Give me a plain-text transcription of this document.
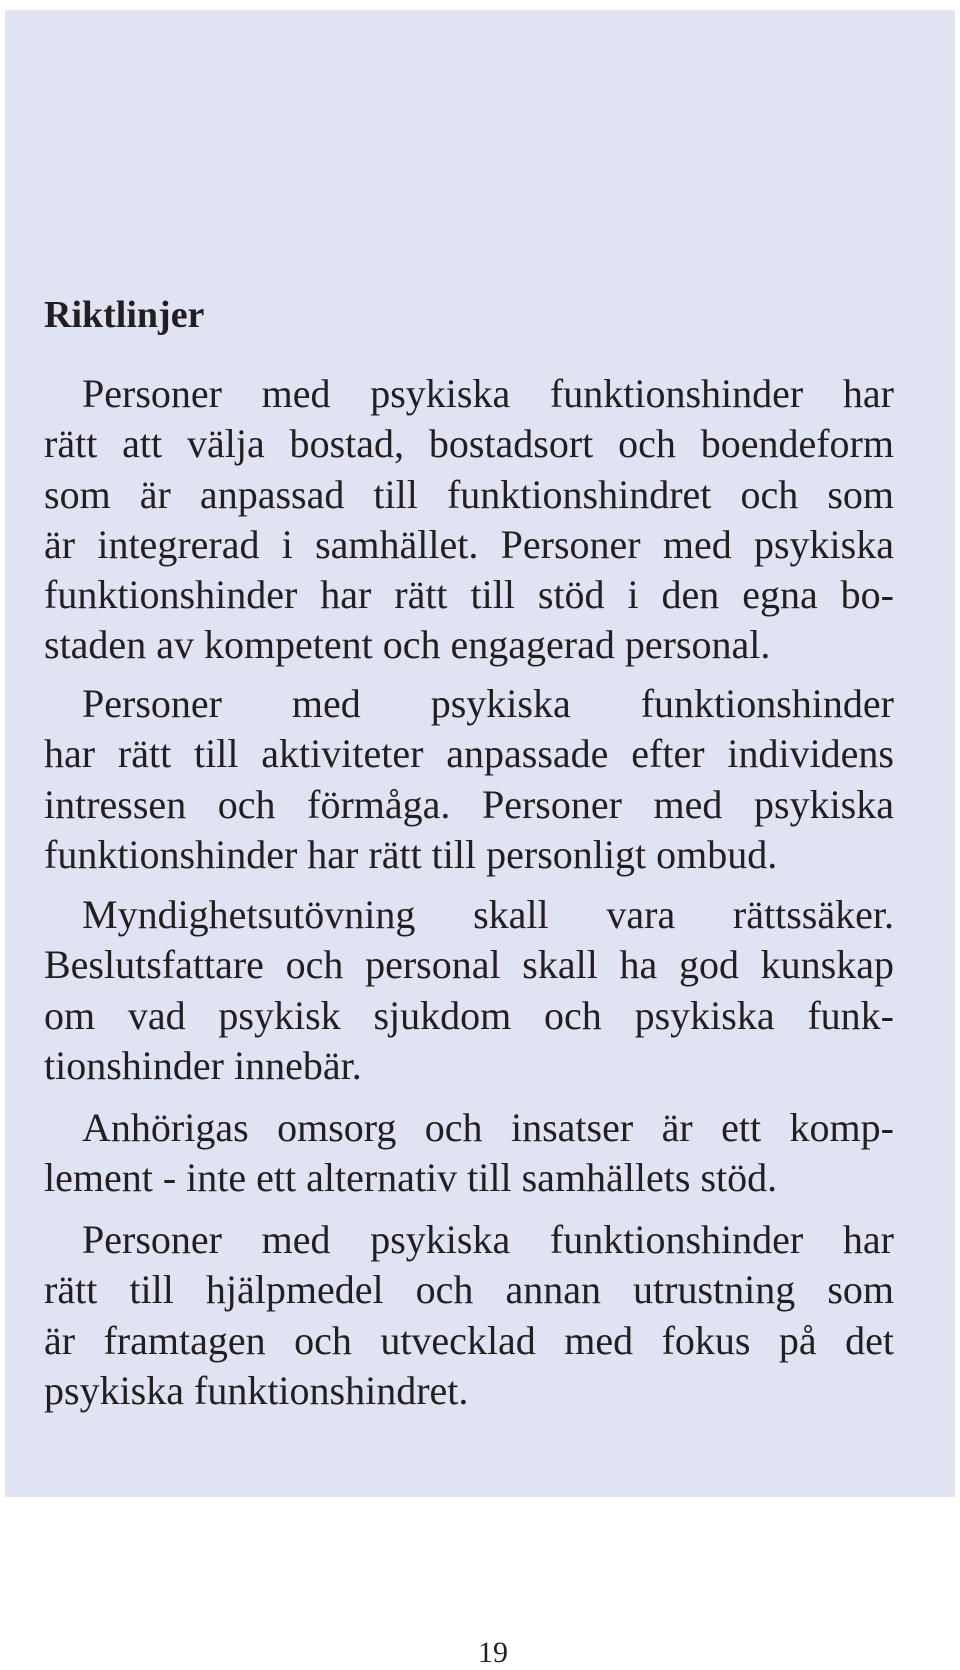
Riktlinjer
Personer med psykiska funktionshinder har
rätt att välja bostad, bostadsort och boendeform
som är anpassad till funktionshindret och som
är integrerad i samhället. Personer med psykiska
funktionshinder har rätt till stöd i den egna bo-
staden av kompetent och engagerad personal.
Personer med psykiska funktionshinder
har rätt till aktiviteter anpassade efter individens
intressen och förmåga. Personer med psykiska
funktionshinder har rätt till personligt ombud.
Myndighetsutövning skall vara rättssäker.
Beslutsfattare och personal skall ha god kunskap
om vad psykisk sjukdom och psykiska funk-
tionshinder innebär.
Anhörigas omsorg och insatser är ett komp-
lement - inte ett alternativ till samhällets stöd.
Personer med psykiska funktionshinder har
rätt till hjälpmedel och annan utrustning som
är framtagen och utvecklad med fokus på det
psykiska funktionshindret.
19
